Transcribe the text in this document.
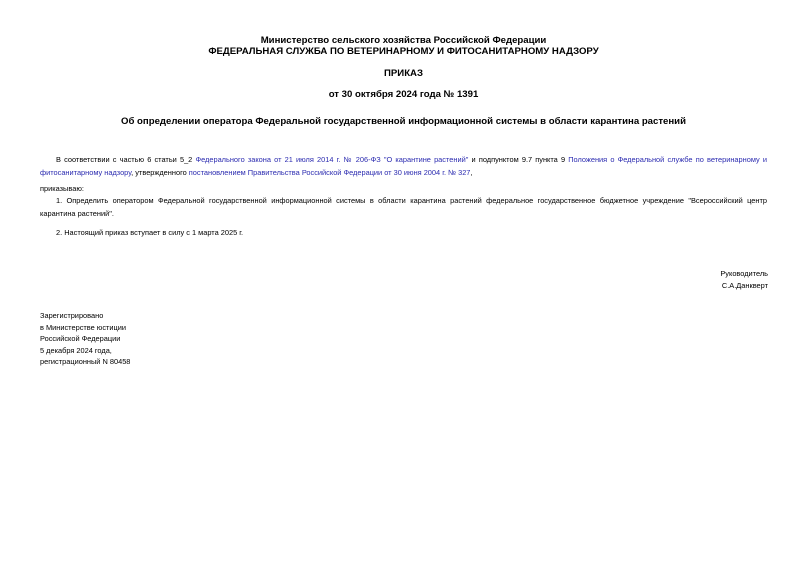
Министерство сельского хозяйства Российской Федерации
ФЕДЕРАЛЬНАЯ СЛУЖБА ПО ВЕТЕРИНАРНОМУ И ФИТОСАНИТАРНОМУ НАДЗОРУ
ПРИКАЗ
от 30 октября 2024 года № 1391
Об определении оператора Федеральной государственной информационной системы в области карантина растений
В соответствии с частью 6 статьи 5_2 Федерального закона от 21 июля 2014 г. № 206-ФЗ "О карантине растений" и подпунктом 9.7 пункта 9 Положения о Федеральной службе по ветеринарному и фитосанитарному надзору, утвержденного постановлением Правительства Российской Федерации от 30 июня 2004 г. № 327,
приказываю:
1. Определить оператором Федеральной государственной информационной системы в области карантина растений федеральное государственное бюджетное учреждение "Всероссийский центр карантина растений".
2. Настоящий приказ вступает в силу с 1 марта 2025 г.
Руководитель
С.А.Данкверт
Зарегистрировано
в Министерстве юстиции
Российской Федерации
5 декабря 2024 года,
регистрационный N 80458
